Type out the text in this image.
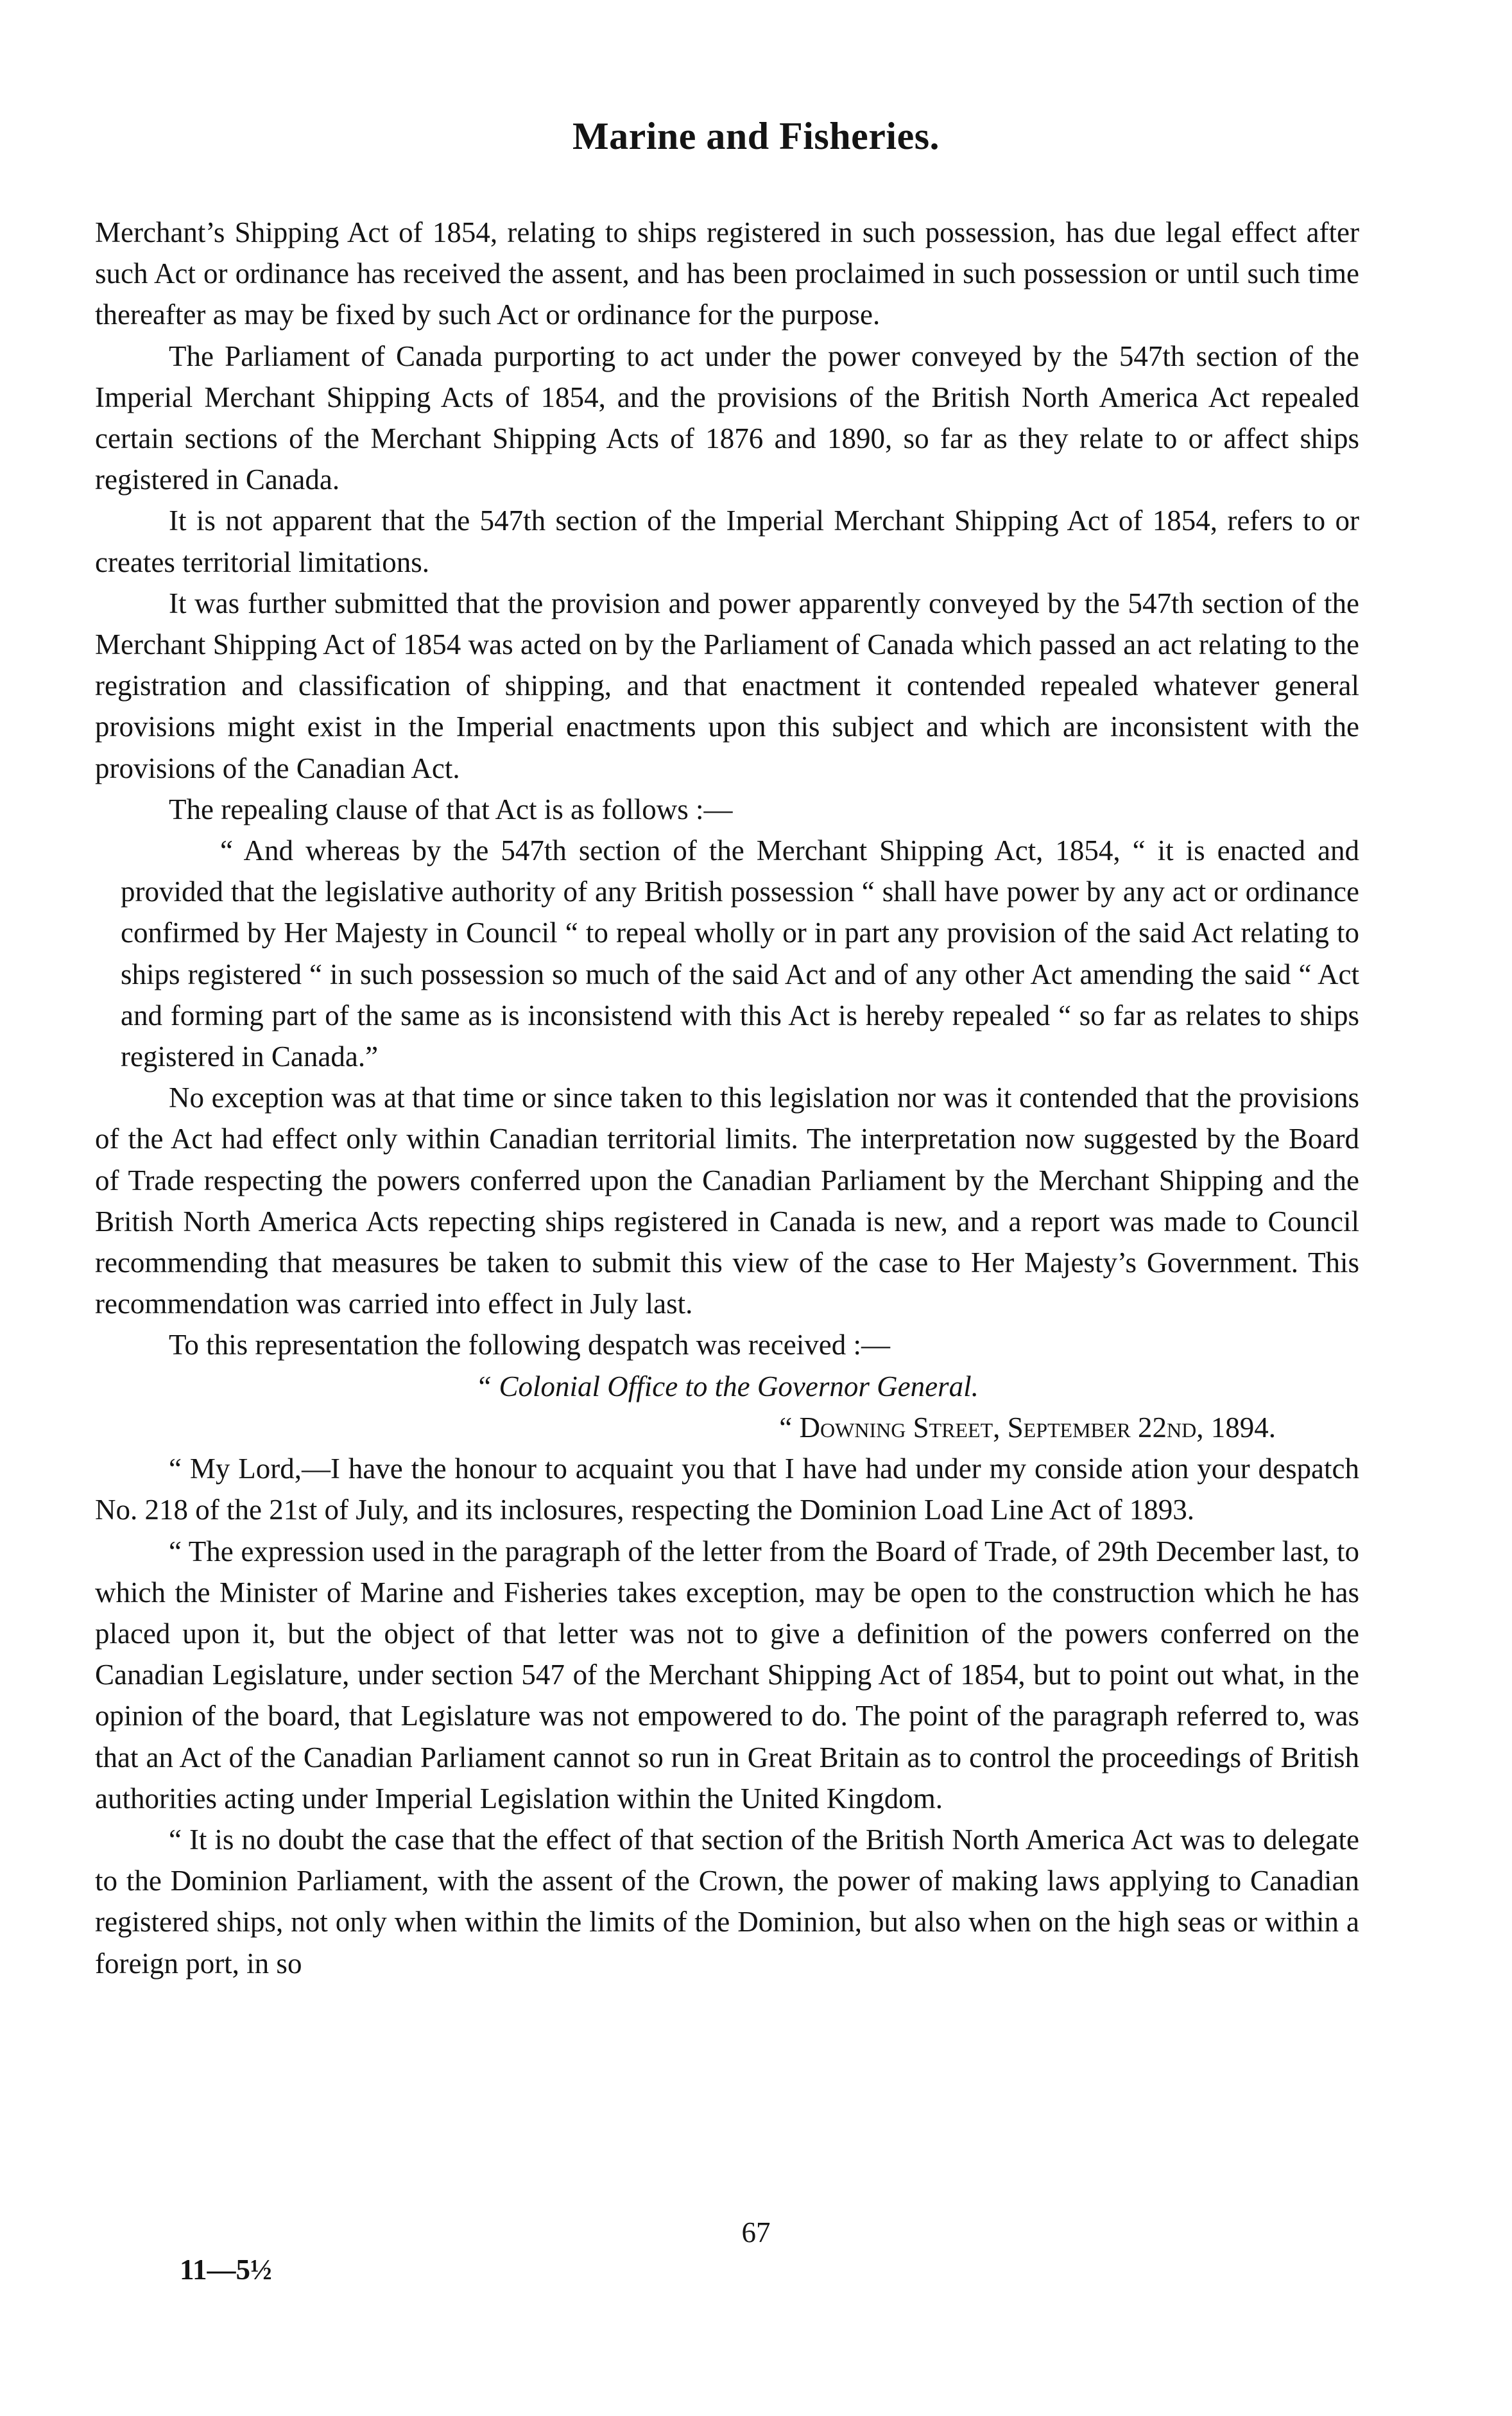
Marine and Fisheries.

Merchant’s Shipping Act of 1854, relating to ships registered in such possession, has due legal effect after such Act or ordinance has received the assent, and has been proclaimed in such possession or until such time thereafter as may be fixed by such Act or ordinance for the purpose.

The Parliament of Canada purporting to act under the power conveyed by the 547th section of the Imperial Merchant Shipping Acts of 1854, and the provisions of the British North America Act repealed certain sections of the Merchant Shipping Acts of 1876 and 1890, so far as they relate to or affect ships registered in Canada.

It is not apparent that the 547th section of the Imperial Merchant Shipping Act of 1854, refers to or creates territorial limitations.

It was further submitted that the provision and power apparently conveyed by the 547th section of the Merchant Shipping Act of 1854 was acted on by the Parliament of Canada which passed an act relating to the registration and classification of shipping, and that enactment it contended repealed whatever general provisions might exist in the Imperial enactments upon this subject and which are inconsistent with the provisions of the Canadian Act.

The repealing clause of that Act is as follows :—

“ And whereas by the 547th section of the Merchant Shipping Act, 1854, “ it is enacted and provided that the legislative authority of any British possession “ shall have power by any act or ordinance confirmed by Her Majesty in Council “ to repeal wholly or in part any provision of the said Act relating to ships registered “ in such possession so much of the said Act and of any other Act amending the said “ Act and forming part of the same as is inconsistend with this Act is hereby repealed “ so far as relates to ships registered in Canada.”

No exception was at that time or since taken to this legislation nor was it contended that the provisions of the Act had effect only within Canadian territorial limits. The interpretation now suggested by the Board of Trade respecting the powers conferred upon the Canadian Parliament by the Merchant Shipping and the British North America Acts repecting ships registered in Canada is new, and a report was made to Council recommending that measures be taken to submit this view of the case to Her Majesty’s Government. This recommendation was carried into effect in July last.

To this representation the following despatch was received :—

“ Colonial Office to the Governor General.

“ Downing Street, September 22nd, 1894.

“ My Lord,—I have the honour to acquaint you that I have had under my conside ation your despatch No. 218 of the 21st of July, and its inclosures, respecting the Dominion Load Line Act of 1893.

“ The expression used in the paragraph of the letter from the Board of Trade, of 29th December last, to which the Minister of Marine and Fisheries takes exception, may be open to the construction which he has placed upon it, but the object of that letter was not to give a definition of the powers conferred on the Canadian Legislature, under section 547 of the Merchant Shipping Act of 1854, but to point out what, in the opinion of the board, that Legislature was not empowered to do. The point of the paragraph referred to, was that an Act of the Canadian Parliament cannot so run in Great Britain as to control the proceedings of British authorities acting under Imperial Legislation within the United Kingdom.

“ It is no doubt the case that the effect of that section of the British North America Act was to delegate to the Dominion Parliament, with the assent of the Crown, the power of making laws applying to Canadian registered ships, not only when within the limits of the Dominion, but also when on the high seas or within a foreign port, in so

67
11—5½
